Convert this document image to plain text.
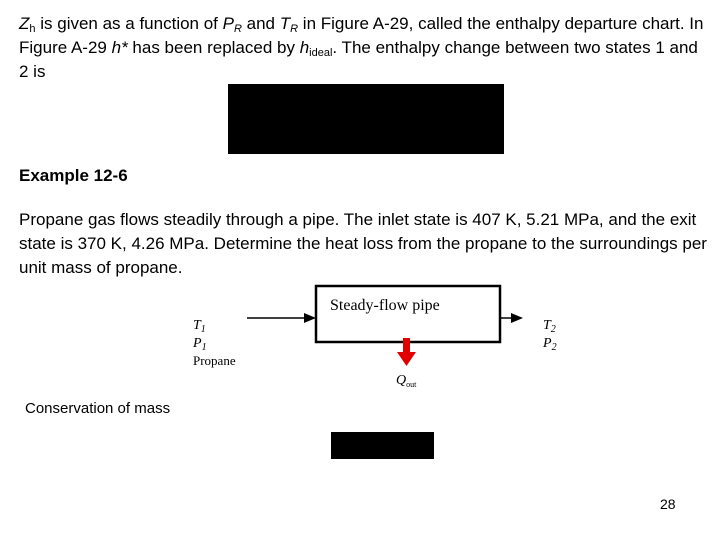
$Z_h$ is given as a function of $P_R$ and $T_R$ in Figure A-29, called the enthalpy departure chart. In Figure A-29 h* has been replaced by $h_{ideal}$. The enthalpy change between two states 1 and 2 is

Example 12-6

Propane gas flows steadily through a pipe. The inlet state is 407 K, 5.21 MPa, and the exit state is 370 K, 4.26 MPa. Determine the heat loss from the propane to the surroundings per unit mass of propane.

Steady-flow pipe
$T_1$
$P_1$
Propane
$T_2$
$P_2$
$Q_{out}$
Conservation of mass
28
